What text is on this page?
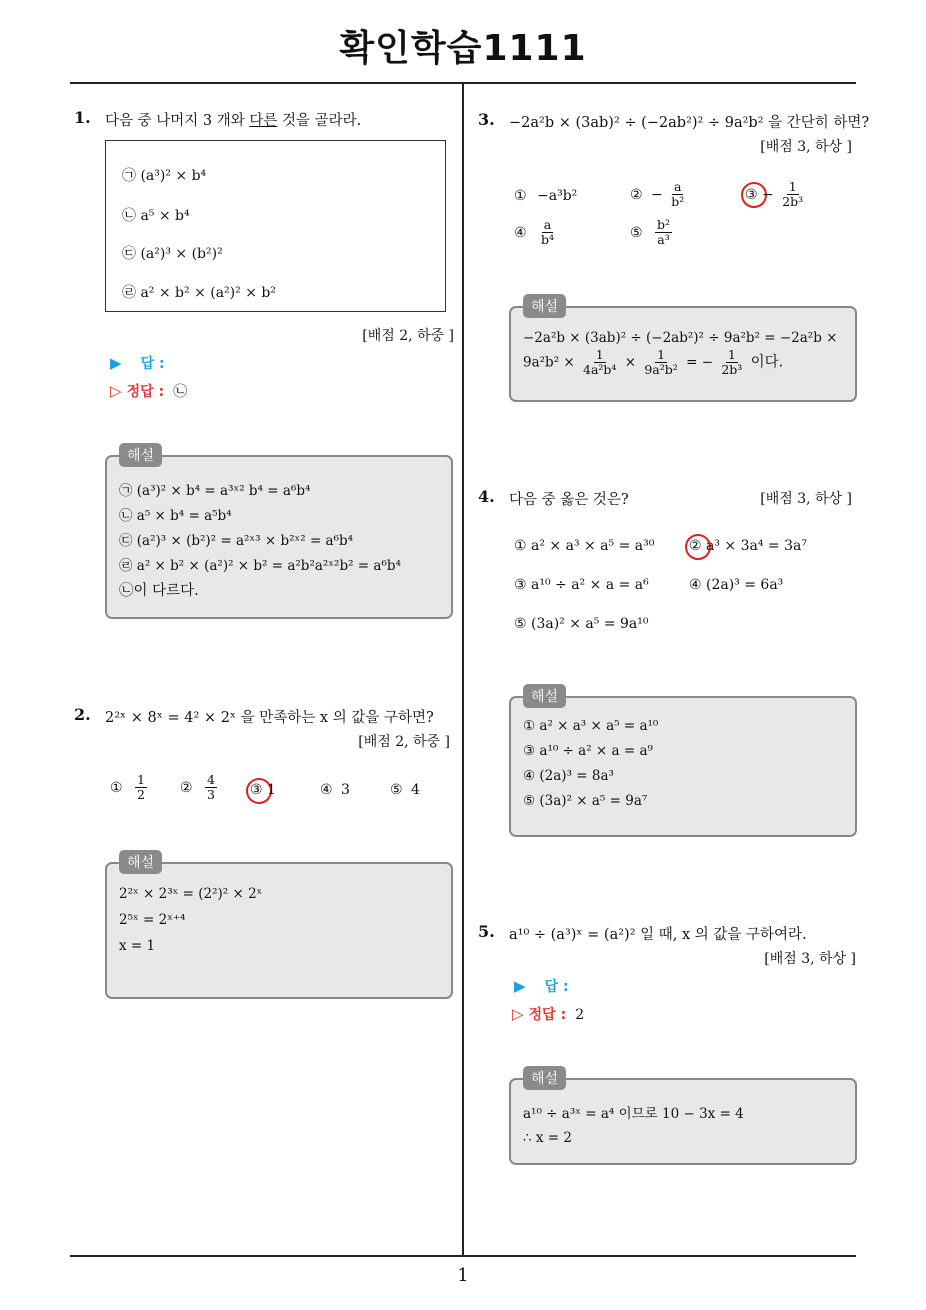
확인학습1111
1
1. 다음 중 나머지 3 개와 다른 것을 골라라.
㉠ (a³)² × b⁴
㉡ a⁵ × b⁴
㉢ (a²)³ × (b²)²
㉣ a² × b² × (a²)² × b²
[배점 2, 하중 ]
▶ 답 :
▷ 정답 : ㉡
㉠ (a³)² × b⁴ = a³ˣ² b⁴ = a⁶b⁴
㉡ a⁵ × b⁴ = a⁵b⁴
㉢ (a²)³ × (b²)² = a²ˣ³ × b²ˣ² = a⁶b⁴
㉣ a² × b² × (a²)² × b² = a²b²a²ˣ²b² = a⁶b⁴
㉡이 다르다.
해설
2. 2²ˣ × 8ˣ = 4² × 2ˣ 을 만족하는 x 의 값을 구하면?
[배점 2, 하중 ]
① $\frac{1}{2}$ ② $\frac{4}{3}$ ③ 1	④ 3	⑤ 4
2²ˣ × 2³ˣ = (2²)² × 2ˣ
2⁵ˣ = 2ˣ⁺⁴
x = 1
해설
3. −2a²b × (3ab)² ÷ (−2ab²)² ÷ 9a²b² 을 간단히 하면?
[배점 3, 하상 ]
① −a³b²	② − $\frac{a}{\text{b²}}$	③ − $\frac{1}{\text{2b³}}$
④ $\frac{a}{\text{b⁴}}$	⑤ $\frac{\text{b²}}{\text{a³}}$
−2a²b × (3ab)² ÷ (−2ab²)² ÷ 9a²b² = −2a²b ×
$9a^2b^2 \times \frac{1}{\text{4a²b⁴}} \times \frac{1}{\text{9a²b²}}$ = − $\frac{1}{\text{2b³}}$ 이다.
해설
4. 다음 중 옳은 것은?	[배점 3, 하상 ]
① a² × a³ × a⁵ = a³⁰ ② a³ × 3a⁴ = 3a⁷
③ a¹⁰ ÷ a² × a = a⁶	④ (2a)³ = 6a³
⑤ (3a)² × a⁵ = 9a¹⁰
① a² × a³ × a⁵ = a¹⁰
③ a¹⁰ ÷ a² × a = a⁹
④ (2a)³ = 8a³
⑤ (3a)² × a⁵ = 9a⁷
해설
5. a¹⁰ ÷ (a³)ˣ = (a²)² 일 때, x 의 값을 구하여라.
[배점 3, 하상 ]
▶ 답 :
▷ 정답 : 2
a¹⁰ ÷ a³ˣ = a⁴ 이므로 10 − 3x = 4
∴ x = 2
해설
